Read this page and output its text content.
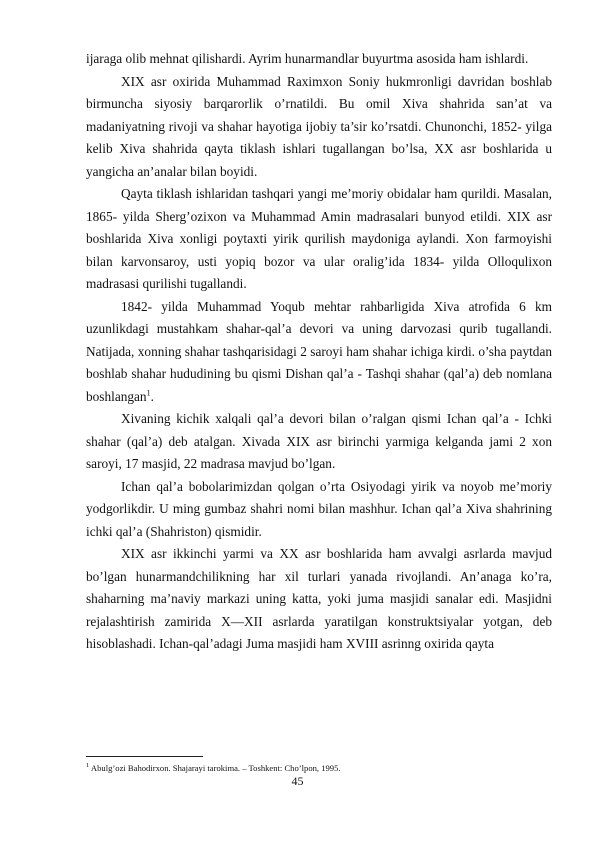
ijaraga olib mehnat qilishardi. Ayrim hunarmandlar buyurtma asosida ham ishlardi.

XIX asr oxirida Muhammad Raximxon Soniy hukmronligi davridan boshlab birmuncha siyosiy barqarorlik o’rnatildi. Bu omil Xiva shahrida san’at va madaniyatning rivoji va shahar hayotiga ijobiy ta’sir ko’rsatdi. Chunonchi, 1852- yilga kelib Xiva shahrida qayta tiklash ishlari tugallangan bo’lsa, XX asr boshlarida u yangicha an’analar bilan boyidi.

Qayta tiklash ishlaridan tashqari yangi me’moriy obidalar ham qurildi. Masalan, 1865- yilda Sherg’ozixon va Muhammad Amin madrasalari bunyod etildi. XIX asr boshlarida Xiva xonligi poytaxti yirik qurilish maydoniga aylandi. Xon farmoyishi bilan karvonsaroy, usti yopiq bozor va ular oralig’ida 1834- yilda Olloqulixon madrasasi qurilishi tugallandi.

1842- yilda Muhammad Yoqub mehtar rahbarligida Xiva atrofida 6 km uzunlikdagi mustahkam shahar-qal’a devori va uning darvozasi qurib tugallandi. Natijada, xonning shahar tashqarisidagi 2 saroyi ham shahar ichiga kirdi. o’sha paytdan boshlab shahar hududining bu qismi Dishan qal’a - Tashqi shahar (qal’a) deb nomlana boshlangan$^1$.

Xivaning kichik xalqali qal’a devori bilan o’ralgan qismi Ichan qal’a - Ichki shahar (qal’a) deb atalgan. Xivada XIX asr birinchi yarmiga kelganda jami 2 xon saroyi, 17 masjid, 22 madrasa mavjud bo’lgan.

Ichan qal’a bobolarimizdan qolgan o’rta Osiyodagi yirik va noyob me’moriy yodgorlikdir. U ming gumbaz shahri nomi bilan mashhur. Ichan qal’a Xiva shahrining ichki qal’a (Shahriston) qismidir.

XIX asr ikkinchi yarmi va XX asr boshlarida ham avvalgi asrlarda mavjud bo’lgan hunarmandchilikning har xil turlari yanada rivojlandi. An’anaga ko’ra, shaharning ma’naviy markazi uning katta, yoki juma masjidi sanalar edi. Masjidni rejalashtirish zamirida X—XII asrlarda yaratilgan konstruktsiyalar yotgan, deb hisoblashadi. Ichan-qal’adagi Juma masjidi ham XVIII asrinng oxirida qayta

$^1$ Abulg’ozi Bahodirxon. Shajarayi tarokima. – Toshkent: Cho’lpon, 1995.
45
